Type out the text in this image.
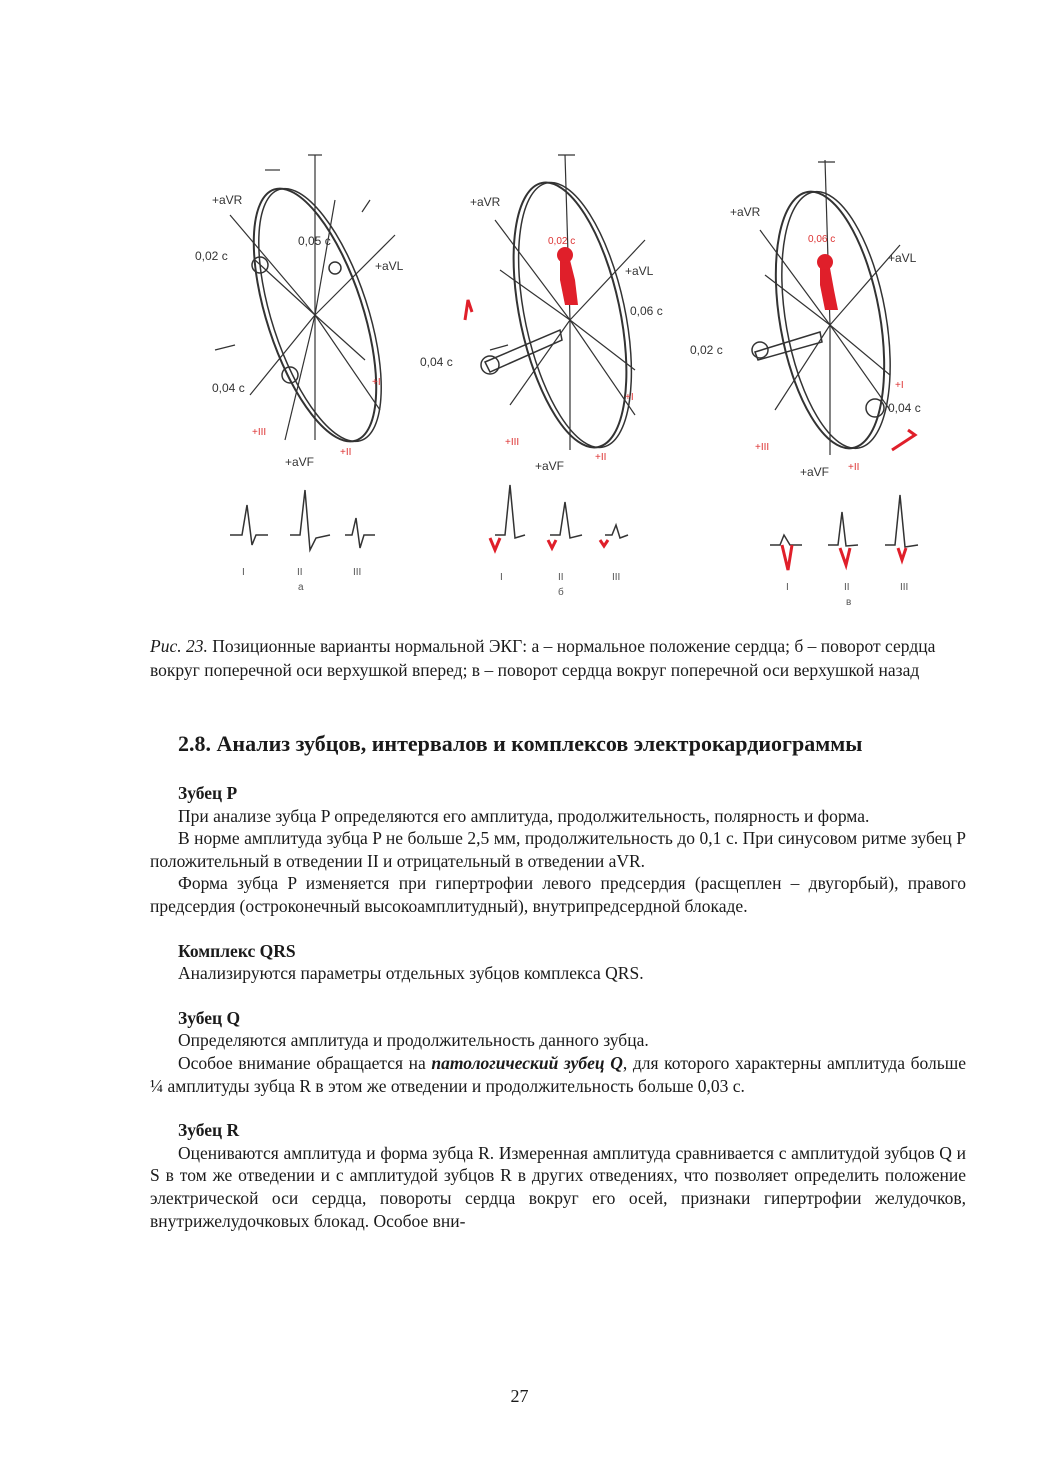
+aVR
+aVL
+aVF
0,02 с
0,05 с
0,04 с	+I
+II
+III
I	II	III
а
+aVR
+aVL
+aVF
0,02 с
0,06 с
0,04 с
+I
+II
+III
I	II	III
б
+aVR
+aVL
+aVF
0,06 с
0,02 с
0,04 с
+I
+II
+III
I	II	III
в
Рис. 23. Позиционные варианты нормальной ЭКГ: а – нормальное положение сердца; б – поворот сердца вокруг поперечной оси верхушкой вперед; в – поворот сердца вокруг поперечной оси верхушкой назад
2.8. Анализ зубцов, интервалов и комплексов электрокардиограммы
Зубец P

При анализе зубца P определяются его амплитуда, продолжительность, полярность и форма.

В норме амплитуда зубца P не больше 2,5 мм, продолжительность до 0,1 с. При синусовом ритме зубец P положительный в отведении II и отрицательный в отведении aVR.

Форма зубца P изменяется при гипертрофии левого предсердия (расщеплен – двугорбый), правого предсердия (остроконечный высокоамплитудный), внутрипредсердной блокаде.

Комплекс QRS

Анализируются параметры отдельных зубцов комплекса QRS.

Зубец Q

Определяются амплитуда и продолжительность данного зубца.

Особое внимание обращается на патологический зубец Q, для которого характерны амплитуда больше ¼ амплитуды зубца R в этом же отведении и продолжительность больше 0,03 с.

Зубец R

Оцениваются амплитуда и форма зубца R. Измеренная амплитуда сравнивается с амплитудой зубцов Q и S в том же отведении и с амплитудой зубцов R в других отведениях, что позволяет определить положение электрической оси сердца, повороты сердца вокруг его осей, признаки гипертрофии желудочков, внутрижелудочковых блокад. Особое вни-

27
